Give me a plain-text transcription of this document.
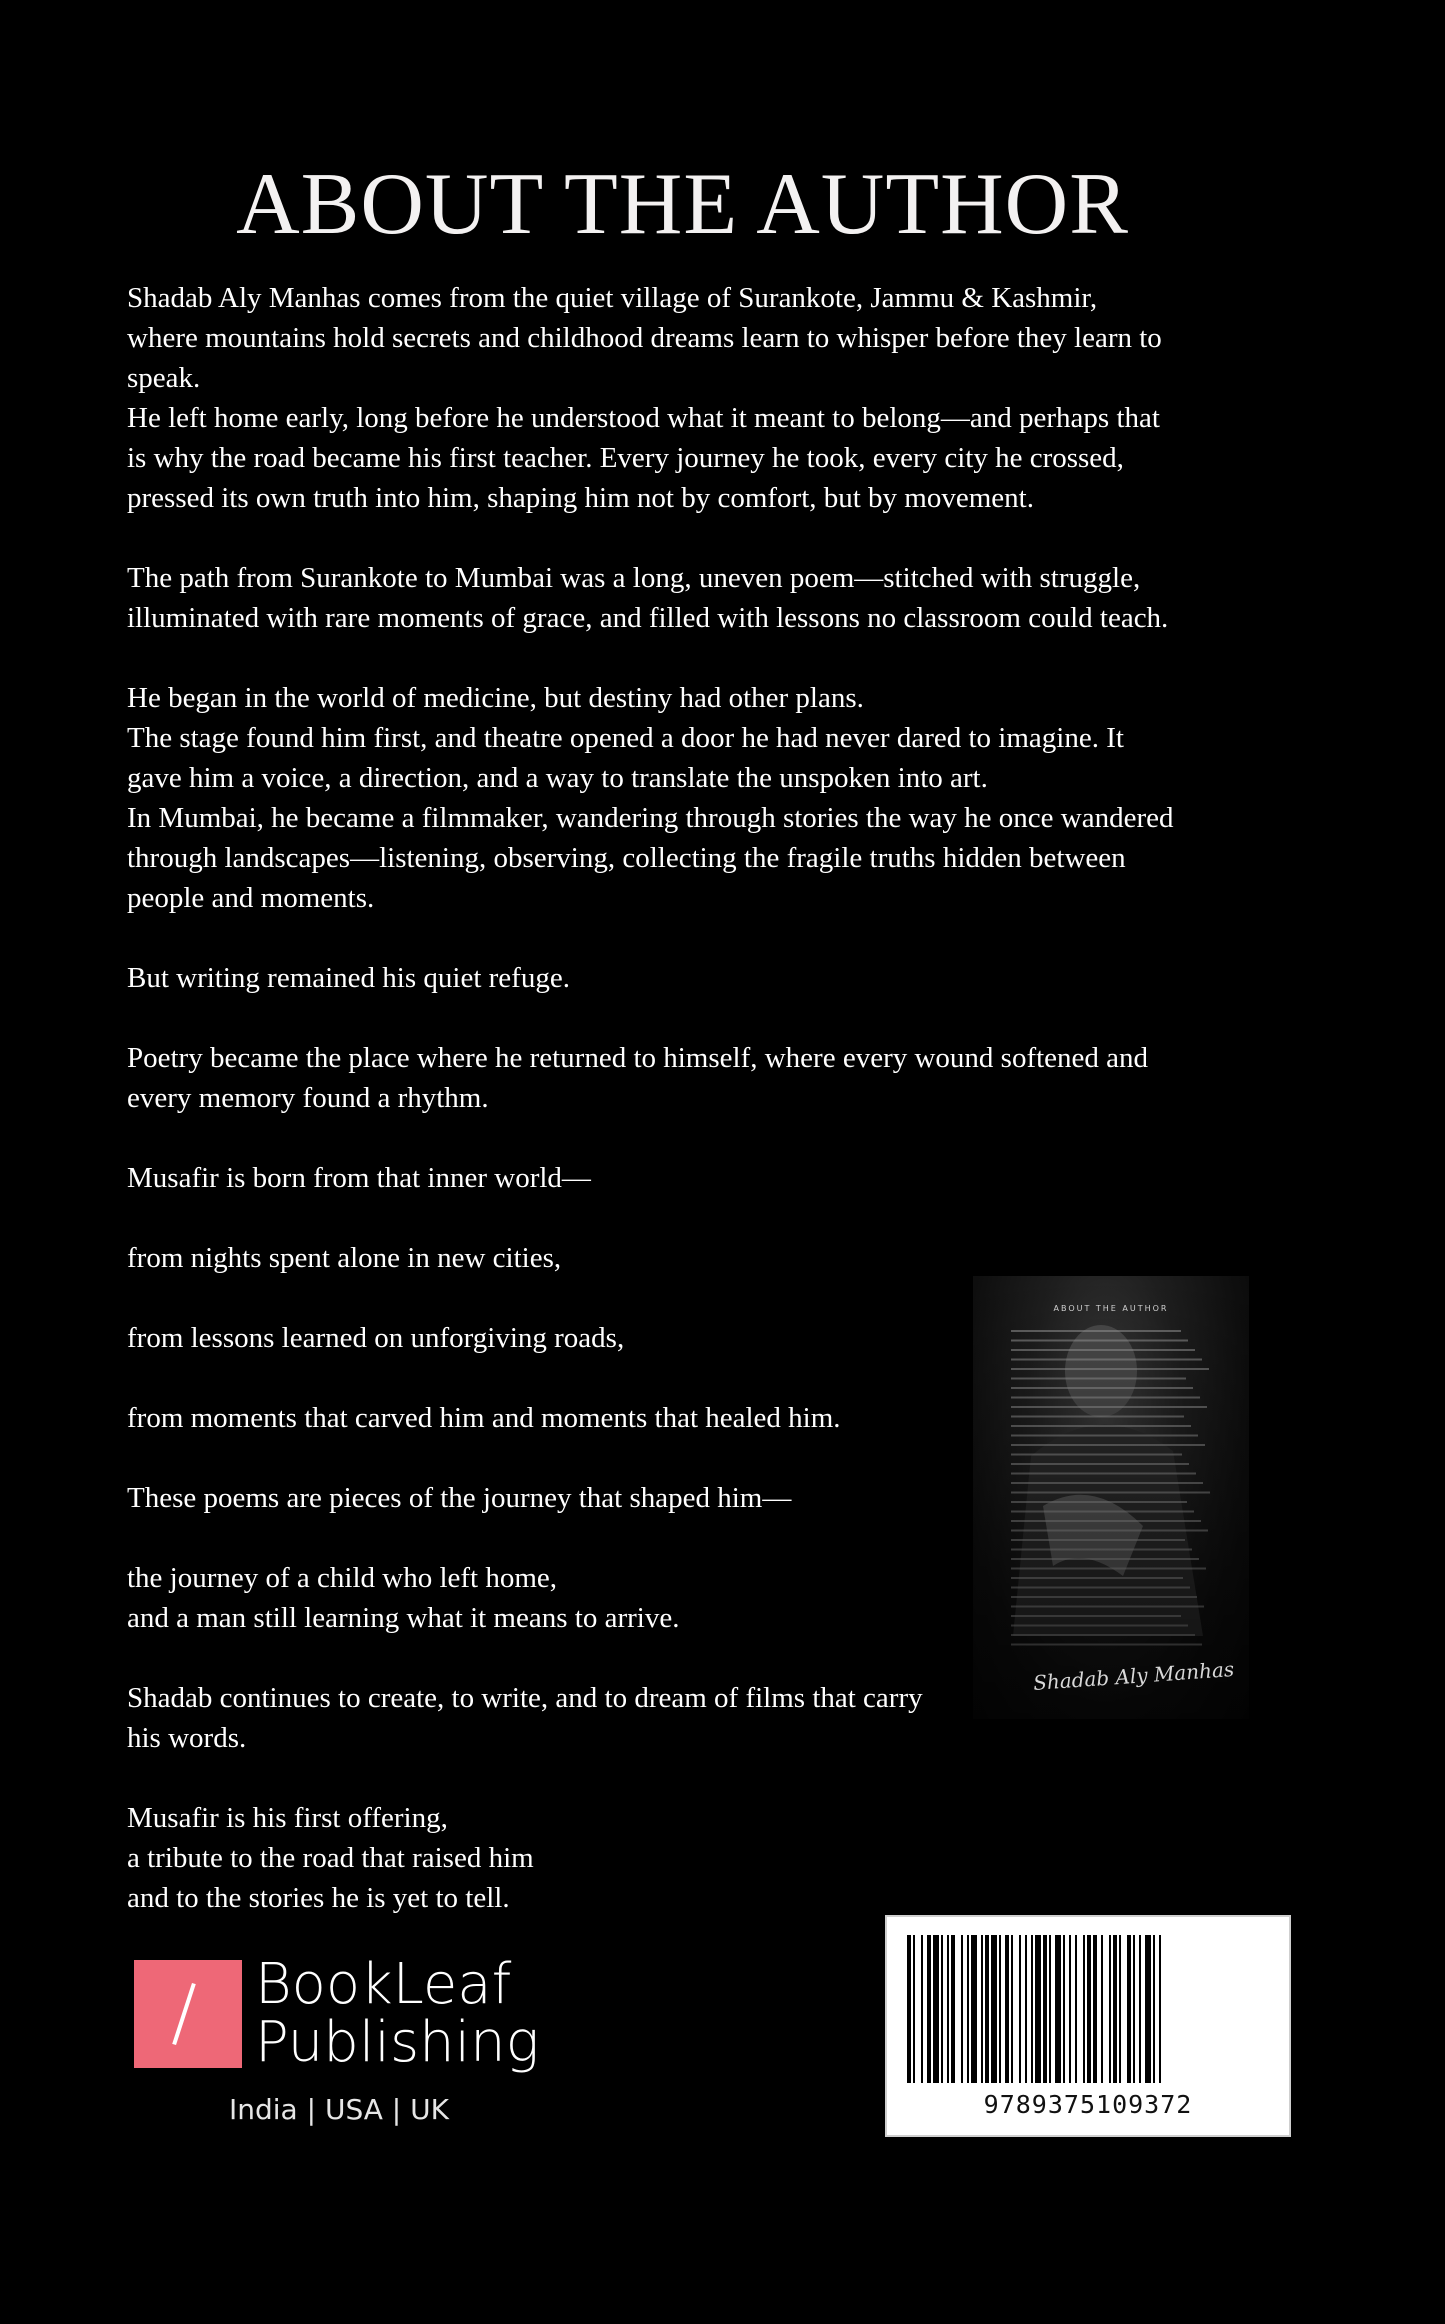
ABOUT THE AUTHOR
Shadab Aly Manhas comes from the quiet village of Surankote, Jammu & Kashmir,
where mountains hold secrets and childhood dreams learn to whisper before they learn to
speak.
He left home early, long before he understood what it meant to belong—and perhaps that
is why the road became his first teacher. Every journey he took, every city he crossed,
pressed its own truth into him, shaping him not by comfort, but by movement.
The path from Surankote to Mumbai was a long, uneven poem—stitched with struggle,
illuminated with rare moments of grace, and filled with lessons no classroom could teach.
He began in the world of medicine, but destiny had other plans.
The stage found him first, and theatre opened a door he had never dared to imagine. It
gave him a voice, a direction, and a way to translate the unspoken into art.
In Mumbai, he became a filmmaker, wandering through stories the way he once wandered
through landscapes—listening, observing, collecting the fragile truths hidden between
people and moments.
But writing remained his quiet refuge.
Poetry became the place where he returned to himself, where every wound softened and
every memory found a rhythm.
Musafir is born from that inner world—
from nights spent alone in new cities,
from lessons learned on unforgiving roads,
from moments that carved him and moments that healed him.
These poems are pieces of the journey that shaped him—
the journey of a child who left home,
and a man still learning what it means to arrive.
Shadab continues to create, to write, and to dream of films that carry
his words.
Musafir is his first offering,
a tribute to the road that raised him
and to the stories he is yet to tell.
ABOUT THE AUTHOR
Shadab Aly Manhas
BookLeaf
Publishing
India | USA | UK	9789375109372
